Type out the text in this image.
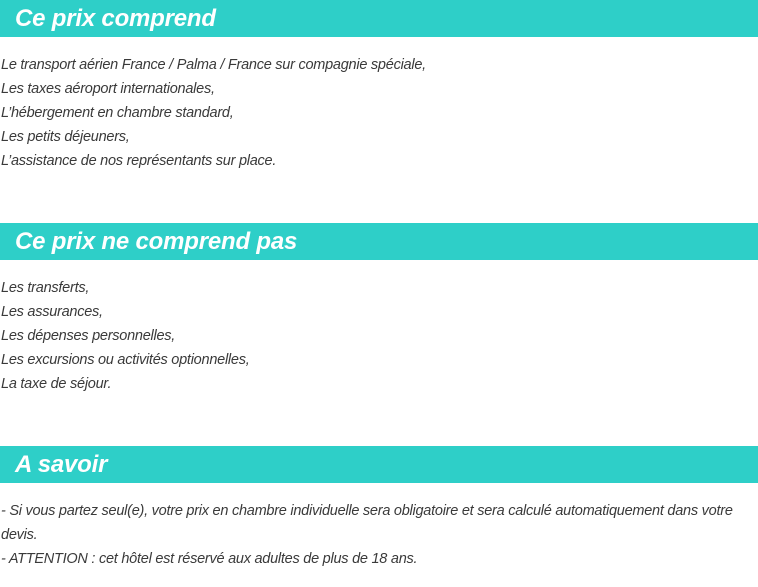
Ce prix comprend
Le transport aérien France / Palma / France sur compagnie spéciale,
Les taxes aéroport internationales,
L’hébergement en chambre standard,
Les petits déjeuners,
L’assistance de nos représentants sur place.
Ce prix ne comprend pas
Les transferts,
Les assurances,
Les dépenses personnelles,
Les excursions ou activités optionnelles,
La taxe de séjour.
A savoir
- Si vous partez seul(e), votre prix en chambre individuelle sera obligatoire et sera calculé automatiquement dans votre devis.
- ATTENTION : cet hôtel est réservé aux adultes de plus de 18 ans.
